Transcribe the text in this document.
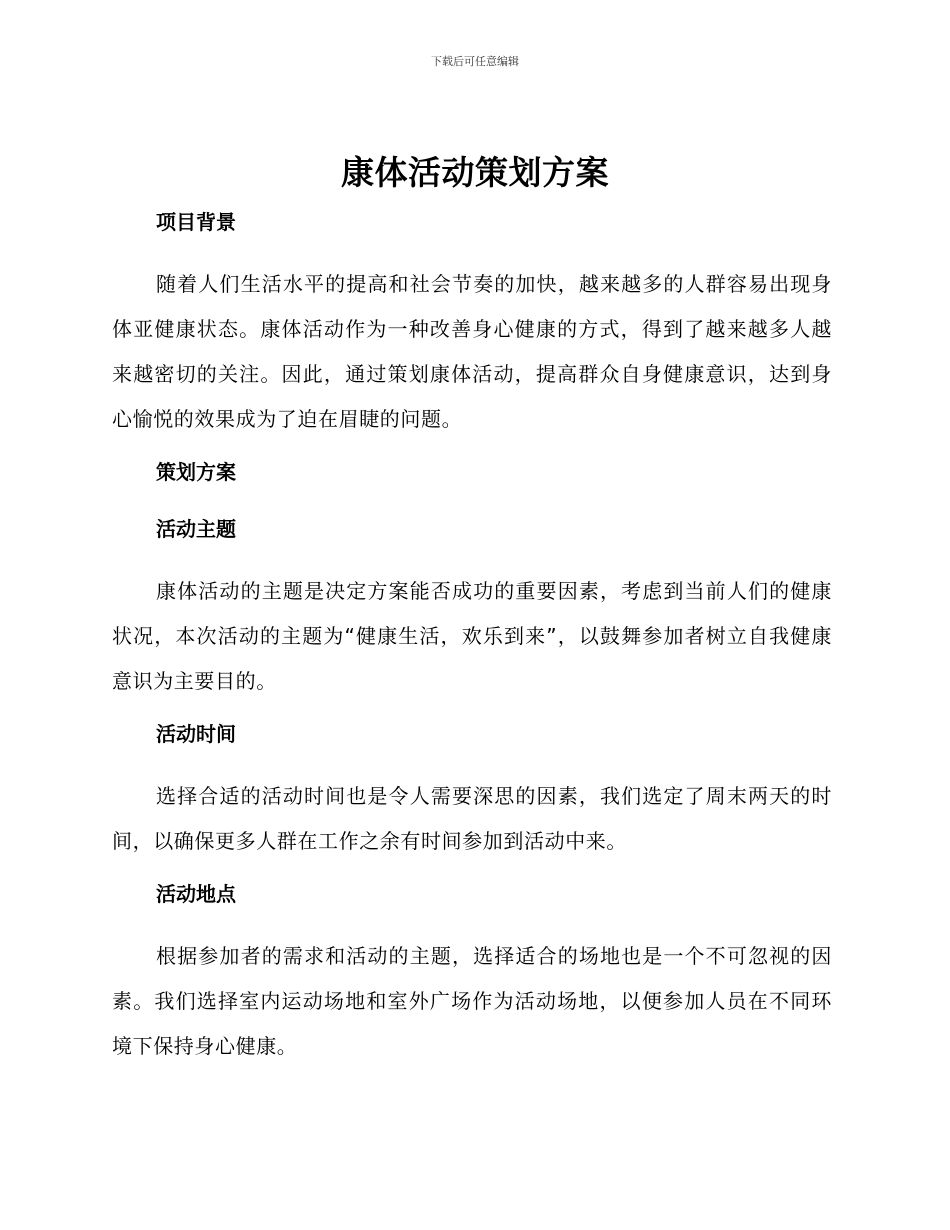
下载后可任意编辑
康体活动策划方案
项目背景
随着人们生活水平的提高和社会节奏的加快，越来越多的人群容易出现身体亚健康状态。康体活动作为一种改善身心健康的方式，得到了越来越多人越来越密切的关注。因此，通过策划康体活动，提高群众自身健康意识，达到身心愉悦的效果成为了迫在眉睫的问题。
策划方案
活动主题
康体活动的主题是决定方案能否成功的重要因素，考虑到当前人们的健康状况，本次活动的主题为“健康生活，欢乐到来”，以鼓舞参加者树立自我健康意识为主要目的。
活动时间
选择合适的活动时间也是令人需要深思的因素，我们选定了周末两天的时间，以确保更多人群在工作之余有时间参加到活动中来。
活动地点
根据参加者的需求和活动的主题，选择适合的场地也是一个不可忽视的因素。我们选择室内运动场地和室外广场作为活动场地，以便参加人员在不同环境下保持身心健康。
